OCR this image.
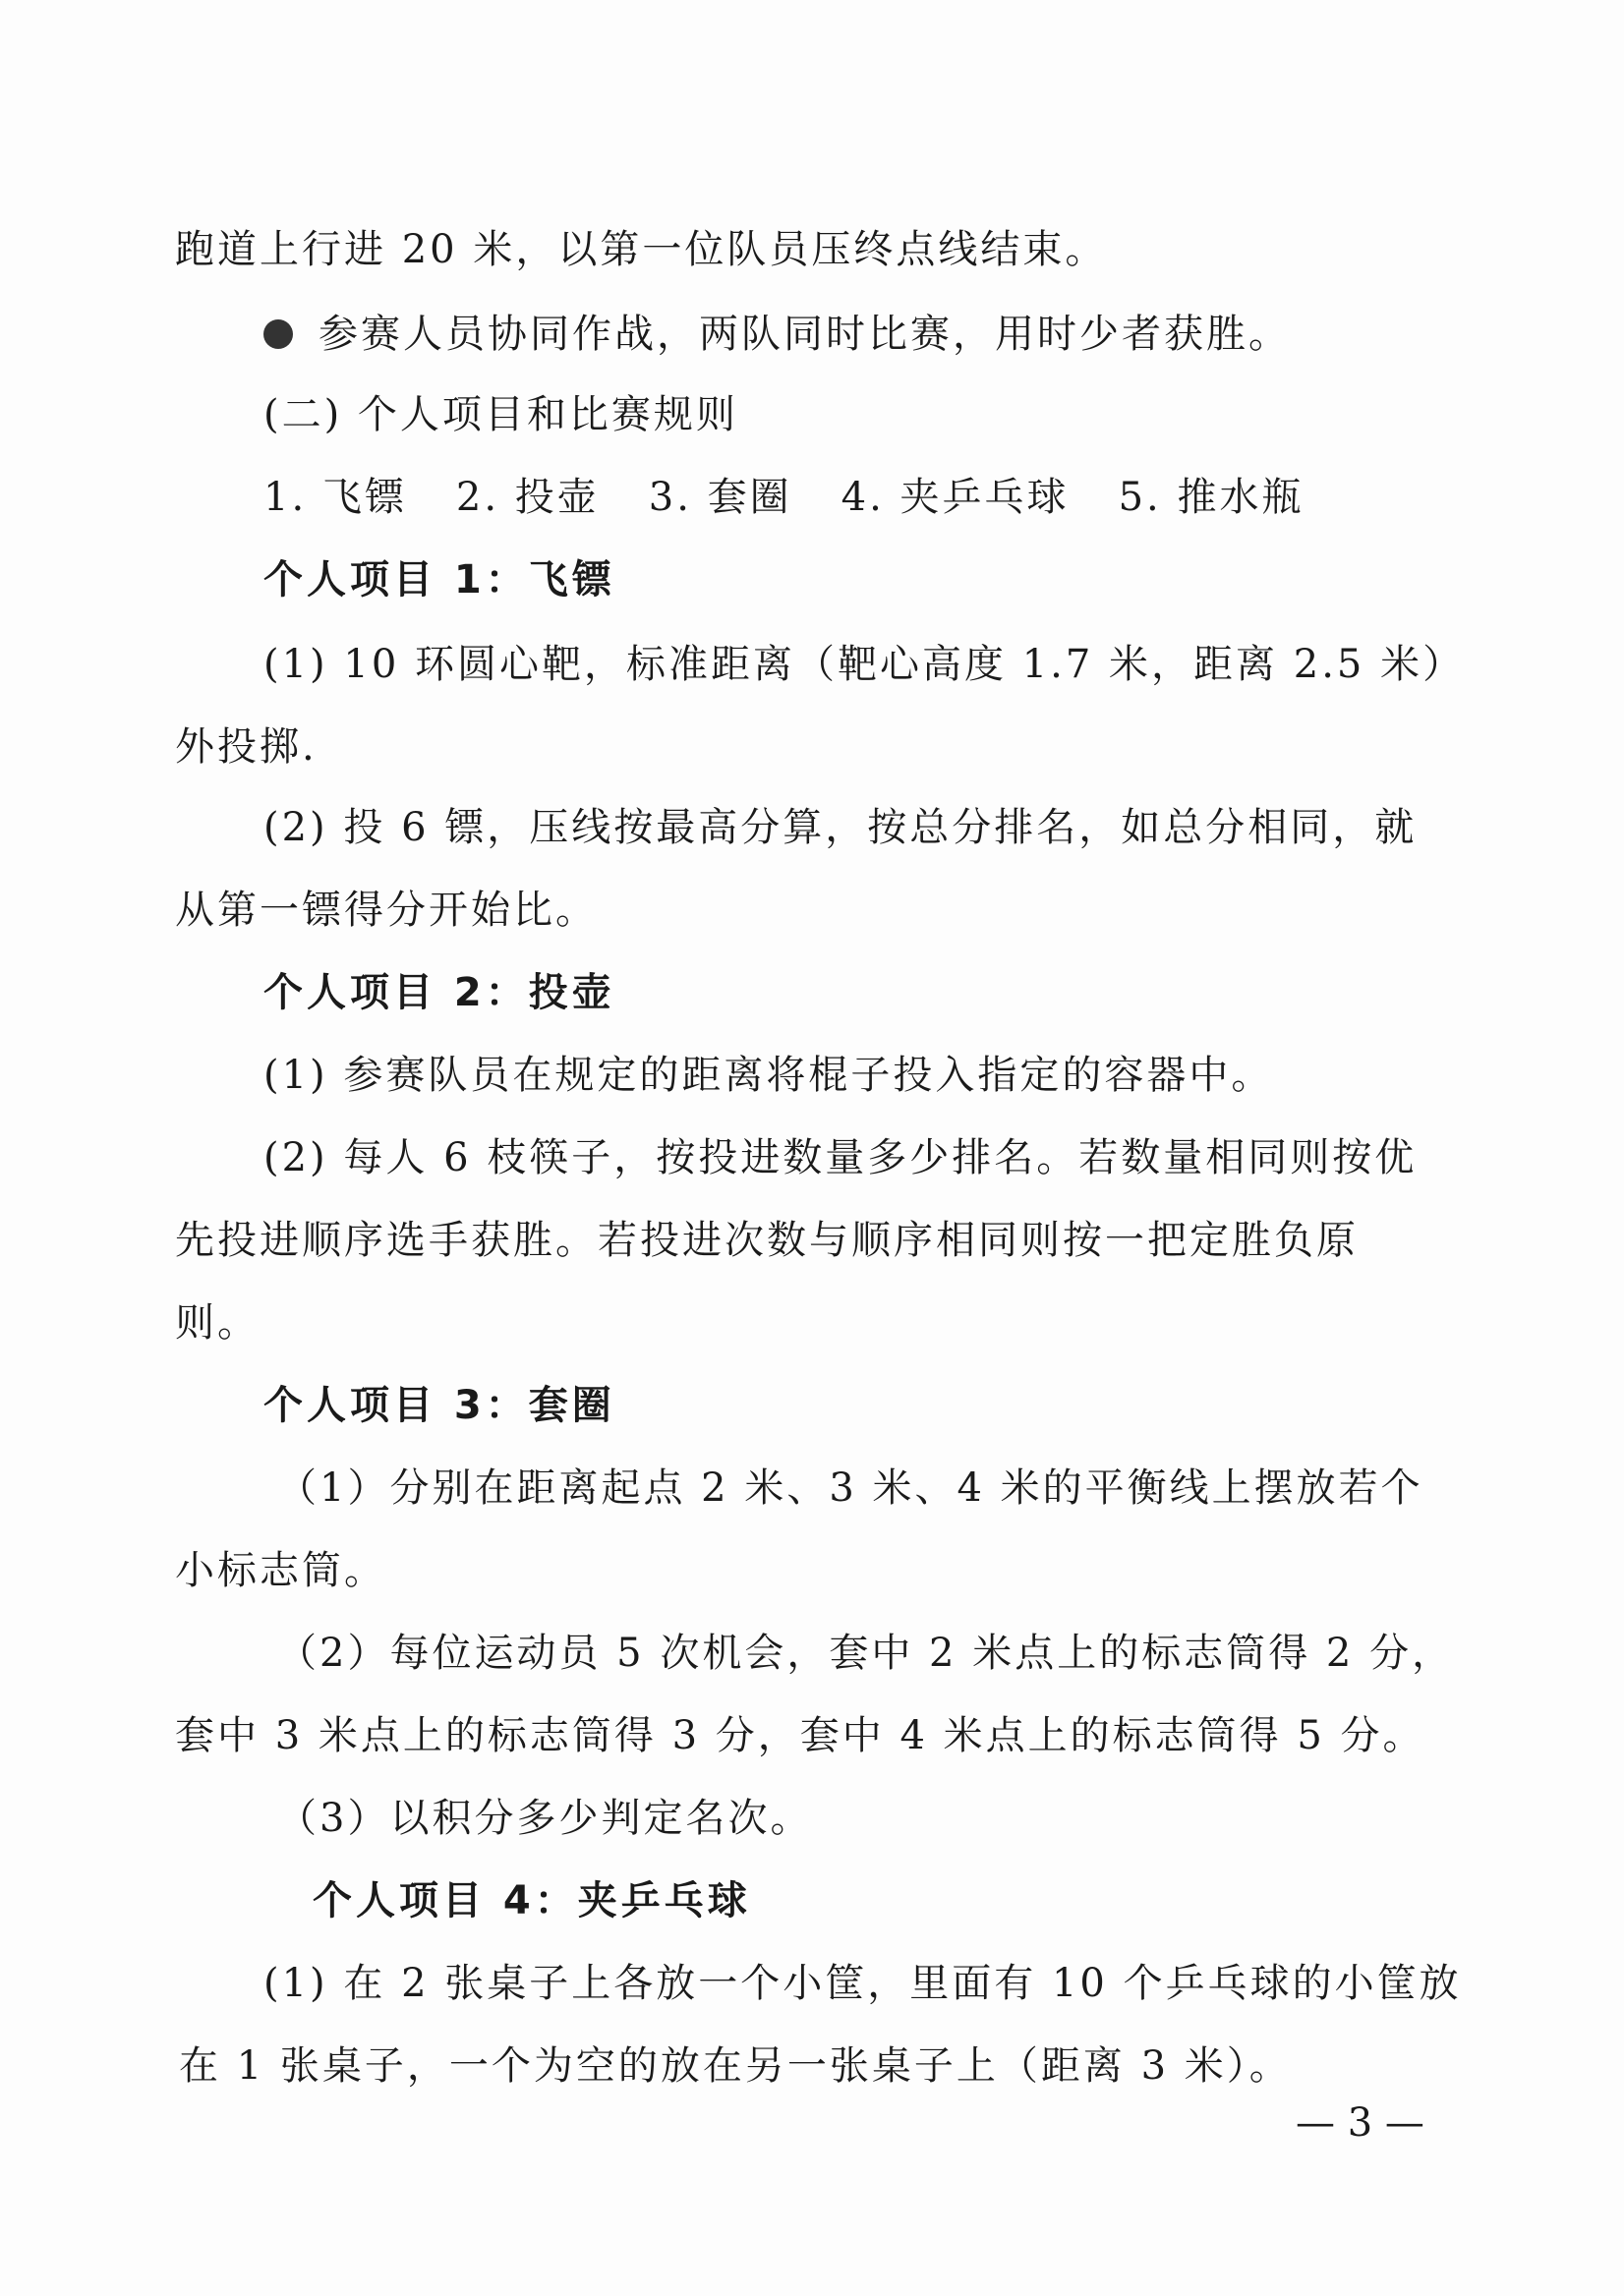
跑道上行进 20 米，以第一位队员压终点线结束。
参赛人员协同作战，两队同时比赛，用时少者获胜。
(二) 个人项目和比赛规则
1. 飞镖 2. 投壶 3. 套圈 4. 夹乒乓球 5. 推水瓶
个人项目 1：飞镖
(1) 10 环圆心靶，标准距离（靶心高度 1.7 米，距离 2.5 米）
外投掷.
(2) 投 6 镖，压线按最高分算，按总分排名，如总分相同，就
从第一镖得分开始比。
个人项目 2：投壶
(1) 参赛队员在规定的距离将棍子投入指定的容器中。
(2) 每人 6 枝筷子，按投进数量多少排名。若数量相同则按优
先投进顺序选手获胜。若投进次数与顺序相同则按一把定胜负原
则。
个人项目 3：套圈
（1）分别在距离起点 2 米、3 米、4 米的平衡线上摆放若个
小标志筒。
（2）每位运动员 5 次机会，套中 2 米点上的标志筒得 2 分，
套中 3 米点上的标志筒得 3 分，套中 4 米点上的标志筒得 5 分。
（3）以积分多少判定名次。
个人项目 4：夹乒乓球
(1) 在 2 张桌子上各放一个小筐，里面有 10 个乒乓球的小筐放
在 1 张桌子，一个为空的放在另一张桌子上（距离 3 米）。
— 3 —
